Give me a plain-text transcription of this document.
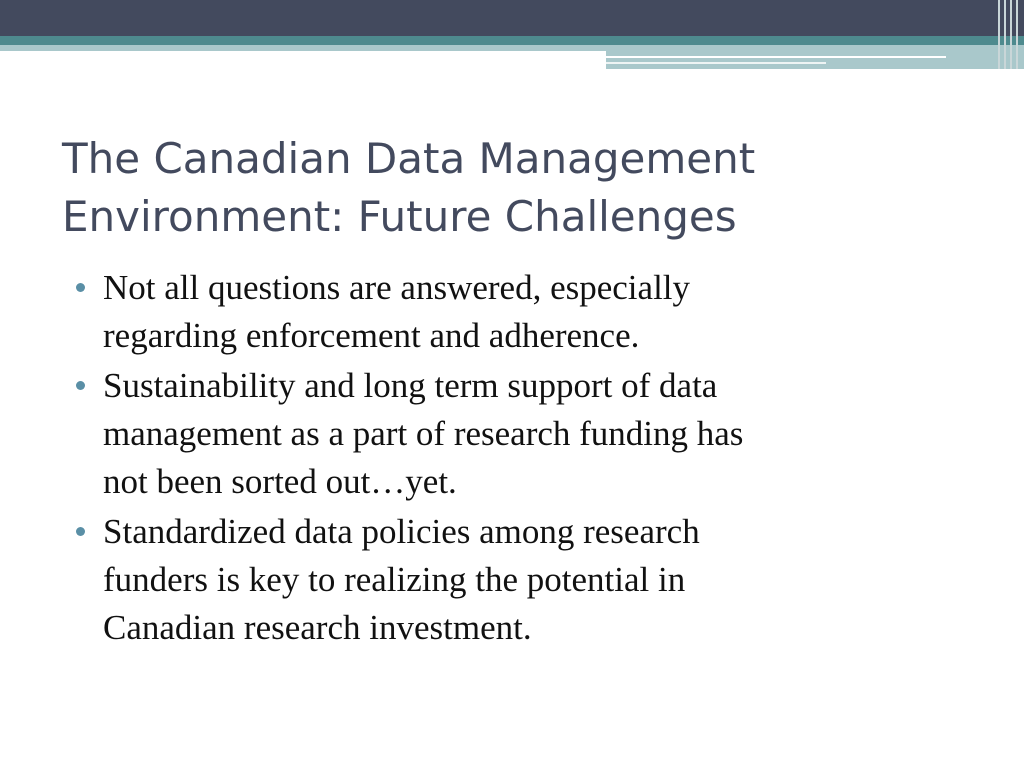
The Canadian Data Management
Environment: Future Challenges
Not all questions are answered, especially
regarding enforcement and adherence.
Sustainability and long term support of data
management as a part of research funding has
not been sorted out…yet.
Standardized data policies among research
funders is key to realizing the potential in
Canadian research investment.
